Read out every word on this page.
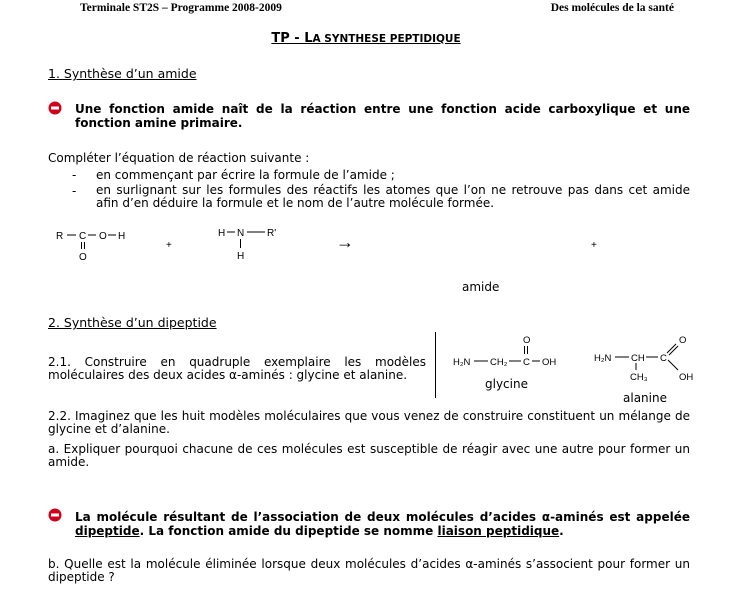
Terminale ST2S – Programme 2008-2009	Des molécules de la santé
TP - LA SYNTHESE PEPTIDIQUE
1. Synthèse d’un amide
Une fonction amide naît de la réaction entre une fonction acide carboxylique et une fonction amine primaire.
Compléter l’équation de réaction suivante :
- en commençant par écrire la formule de l’amide ;
- en surlignant sur les formules des réactifs les atomes que l’on ne retrouve pas dans cet amide afin d’en déduire la formule et le nom de l’autre molécule formée.
R C O H
O
+
H N R'
H
→	+
amide
2. Synthèse d’un dipeptide
2.1. Construire en quadruple exemplaire les modèles moléculaires des deux acides α-aminés : glycine et alanine.
H₂N CH₂ C OH
O
glycine
H₂N CH C
O
OH
CH₃
alanine
2.2. Imaginez que les huit modèles moléculaires que vous venez de construire constituent un mélange de glycine et d’alanine.
a. Expliquer pourquoi chacune de ces molécules est susceptible de réagir avec une autre pour former un amide.
La molécule résultant de l’association de deux molécules d’acides α-aminés est appelée dipeptide. La fonction amide du dipeptide se nomme liaison peptidique.
b. Quelle est la molécule éliminée lorsque deux molécules d’acides α-aminés s’associent pour former un dipeptide ?
